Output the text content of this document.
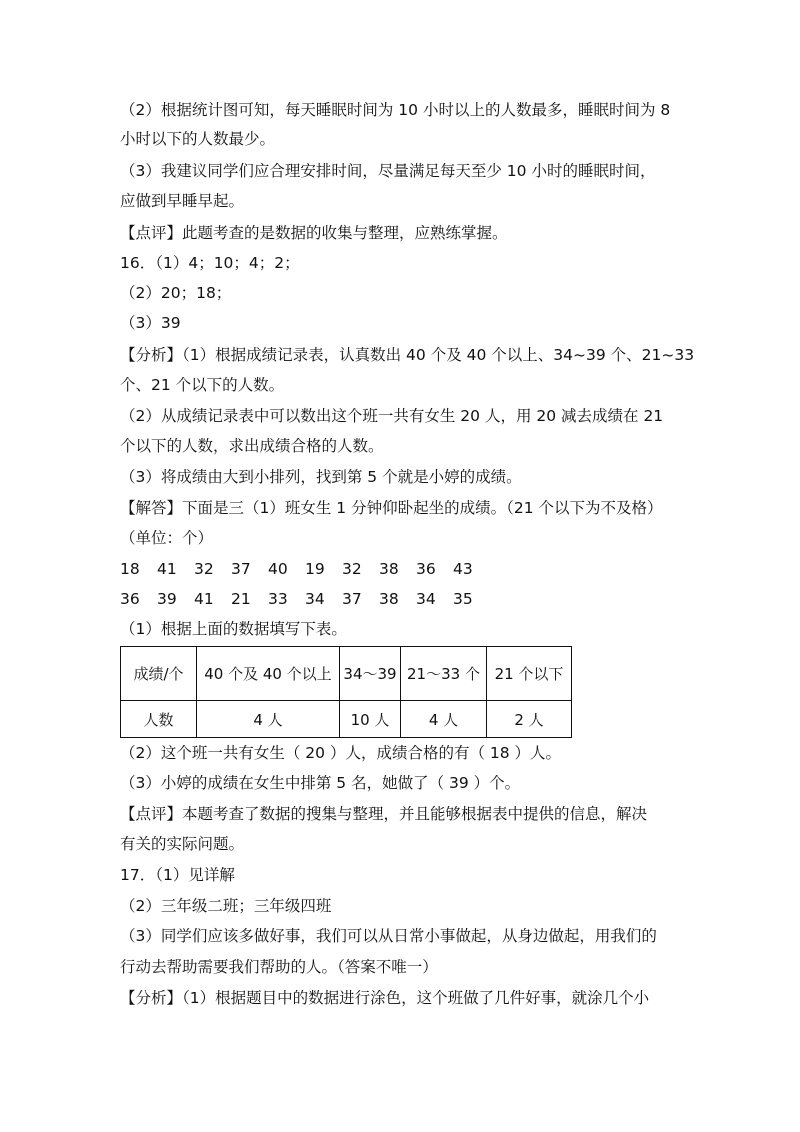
（2）根据统计图可知，每天睡眠时间为 10 小时以上的人数最多，睡眠时间为 8
小时以下的人数最少。
（3）我建议同学们应合理安排时间，尽量满足每天至少 10 小时的睡眠时间，
应做到早睡早起。
【点评】此题考查的是数据的收集与整理，应熟练掌握。
16．（1）4；10；4；2；
（2）20；18；
（3）39
【分析】（1）根据成绩记录表，认真数出 40 个及 40 个以上、34~39 个、21~33
个、21 个以下的人数。
（2）从成绩记录表中可以数出这个班一共有女生 20 人，用 20 减去成绩在 21
个以下的人数，求出成绩合格的人数。
（3）将成绩由大到小排列，找到第 5 个就是小婷的成绩。
【解答】下面是三（1）班女生 1 分钟仰卧起坐的成绩。（21 个以下为不及格）
（单位：个）
18 41 32 37 40 19 32 38 36 43
36 39 41 21 33 34 37 38 34 35
（1）根据上面的数据填写下表。
成绩/个	40 个及 40 个以上	34～39	21～33 个	21 个以下
人数	4 人	10 人	4 人	2 人
（2）这个班一共有女生（ 20 ）人，成绩合格的有（ 18 ）人。
（3）小婷的成绩在女生中排第 5 名，她做了（ 39 ）个。
【点评】本题考查了数据的搜集与整理，并且能够根据表中提供的信息，解决
有关的实际问题。
17．（1）见详解
（2）三年级二班；三年级四班
（3）同学们应该多做好事，我们可以从日常小事做起，从身边做起，用我们的
行动去帮助需要我们帮助的人。（答案不唯一）
【分析】（1）根据题目中的数据进行涂色，这个班做了几件好事，就涂几个小
